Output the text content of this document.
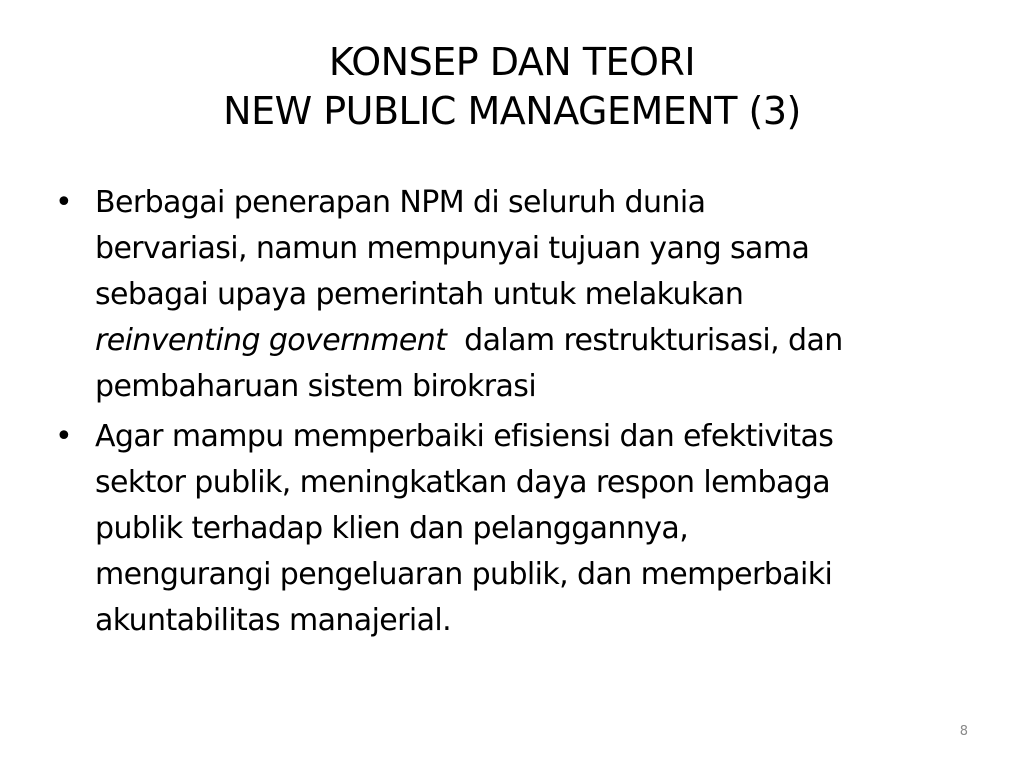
KONSEP DAN TEORI
NEW PUBLIC MANAGEMENT (3)
• Berbagai penerapan NPM di seluruh dunia
bervariasi, namun mempunyai tujuan yang sama
sebagai upaya pemerintah untuk melakukan
reinventing government dalam restrukturisasi, dan
pembaharuan sistem birokrasi
• Agar mampu memperbaiki efisiensi dan efektivitas
sektor publik, meningkatkan daya respon lembaga
publik terhadap klien dan pelanggannya,
mengurangi pengeluaran publik, dan memperbaiki
akuntabilitas manajerial.
8
